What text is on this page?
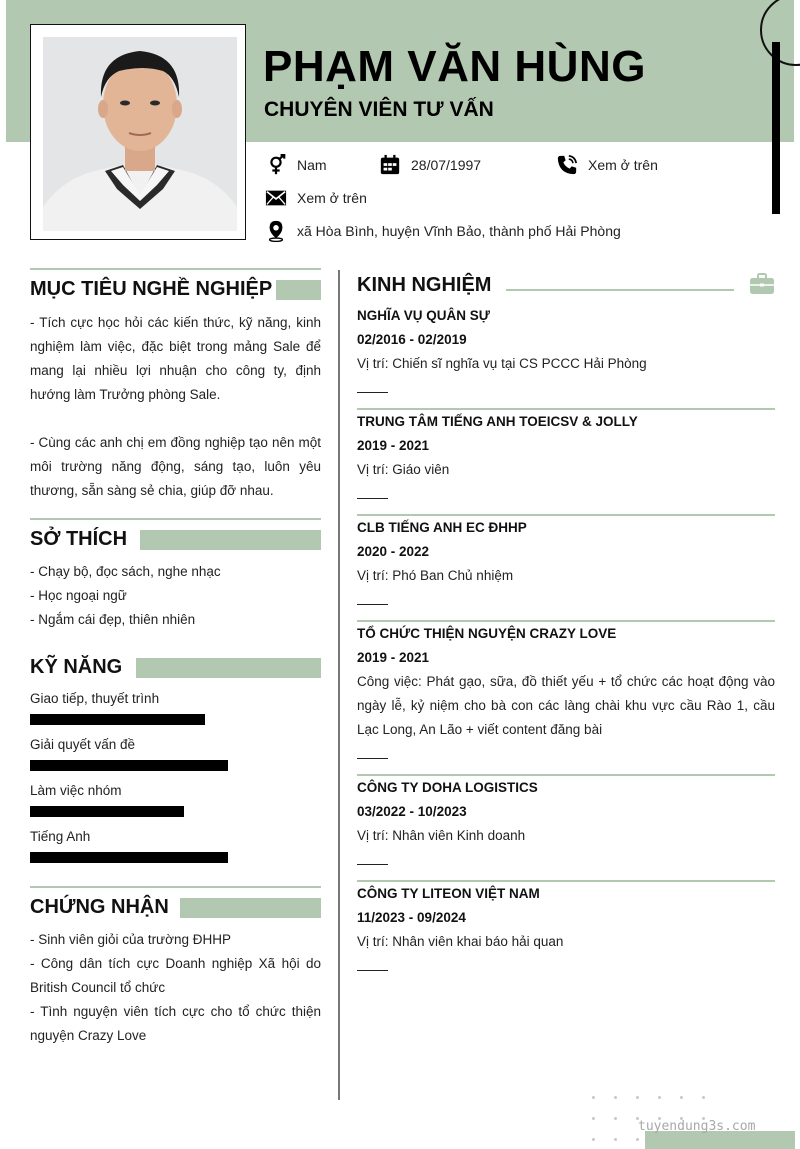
PHẠM VĂN HÙNG
CHUYÊN VIÊN TƯ VẤN
Nam	28/07/1997	Xem ở trên
Xem ở trên
xã Hòa Bình, huyện Vĩnh Bảo, thành phố Hải Phòng
MỤC TIÊU NGHỀ NGHIỆP

- Tích cực học hỏi các kiến thức, kỹ năng, kinh nghiệm làm việc, đặc biệt trong mảng Sale để mang lại nhiều lợi nhuận cho công ty, định hướng làm Trưởng phòng Sale.

- Cùng các anh chị em đồng nghiệp tạo nên một môi trường năng động, sáng tạo, luôn yêu thương, sẵn sàng sẻ chia, giúp đỡ nhau.

SỞ THÍCH
- Chạy bộ, đọc sách, nghe nhạc
- Học ngoại ngữ
- Ngắm cái đẹp, thiên nhiên
KỸ NĂNG
Giao tiếp, thuyết trình
Giải quyết vấn đề
Làm việc nhóm
Tiếng Anh
CHỨNG NHẬN

- Sinh viên giỏi của trường ĐHHP

- Công dân tích cực Doanh nghiệp Xã hội do British Council tổ chức

- Tình nguyện viên tích cực cho tổ chức thiện nguyện Crazy Love

KINH NGHIỆM
NGHĨA VỤ QUÂN SỰ
02/2016 - 02/2019

Vị trí: Chiến sĩ nghĩa vụ tại CS PCCC Hải Phòng

TRUNG TÂM TIẾNG ANH TOEICSV & JOLLY
2019 - 2021

Vị trí: Giáo viên

CLB TIẾNG ANH EC ĐHHP
2020 - 2022

Vị trí: Phó Ban Chủ nhiệm

TỔ CHỨC THIỆN NGUYỆN CRAZY LOVE
2019 - 2021

Công việc: Phát gạo, sữa, đồ thiết yếu + tổ chức các hoạt động vào ngày lễ, kỷ niệm cho bà con các làng chài khu vực cầu Rào 1, cầu Lạc Long, An Lão + viết content đăng bài

CÔNG TY DOHA LOGISTICS
03/2022 - 10/2023

Vị trí: Nhân viên Kinh doanh

CÔNG TY LITEON VIỆT NAM
11/2023 - 09/2024

Vị trí: Nhân viên khai báo hải quan

tuyendung3s.com
